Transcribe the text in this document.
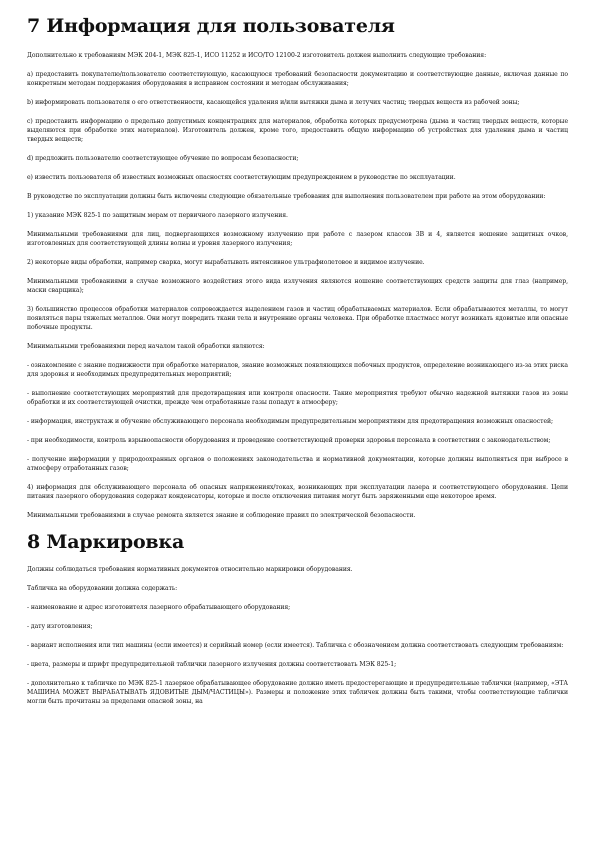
7 Информация для пользователя

Дополнительно к требованиям МЭК 204-1, МЭК 825-1, ИСО 11252 и ИСО/ТО 12100-2 изготовитель должен выполнить следующие требования:

а) предоставить покупателю/пользователю соответствующую, касающуюся требований безопасности документацию и соответствующие данные, включая данные по конкретным методам поддержания оборудования в исправном состоянии и методам обслуживания;

b) информировать пользователя о его ответственности, касающейся удаления и/или вытяжки дыма и летучих частиц; твердых веществ из рабочей зоны;

с) предоставить информацию о предельно допустимых концентрациях для материалов, обработка которых предусмотрена (дыма и частиц твердых веществ, которые выделяются при обработке этих материалов). Изготовитель должен, кроме того, предоставить общую информацию об устройствах для удаления дыма и частиц твердых веществ;

d) предложить пользователю соответствующее обучение по вопросам безопасности;

е) известить пользователя об известных возможных опасностях соответствующим предупреждением в руководстве по эксплуатации.

В руководстве по эксплуатации должны быть включены следующие обязательные требования для выполнения пользователем при работе на этом оборудовании:

1) указание МЭК 825-1 по защитным мерам от первичного лазерного излучения.

Минимальными требованиями для лиц, подвергающихся возможному излучению при работе с лазером классов 3В и 4, является ношение защитных очков, изготовленных для соответствующей длины волны и уровня лазерного излучения;

2) некоторые виды обработки, например сварка, могут вырабатывать интенсивное ультрафиолетовое и видимое излучение.

Минимальными требованиями в случае возможного воздействия этого вида излучения являются ношение соответствующих средств защиты для глаз (например, маски сварщика);

3) большинство процессов обработки материалов сопровождается выделением газов и частиц обрабатываемых материалов. Если обрабатываются металлы, то могут появляться пары тяжелых металлов. Они могут повредить ткани тела и внутренние органы человека. При обработке пластмасс могут возникать ядовитые или опасные побочные продукты.

Минимальными требованиями перед началом такой обработки являются:

- ознакомление с знание подвижности при обработке материалов, знание возможных появляющихся побочных продуктов, определение возникающего из-за этих риска для здоровья и необходимых предупредительных мероприятий;

- выполнение соответствующих мероприятий для предотвращения или контроля опасности. Такие мероприятия требуют обычно надежной вытяжки газов из зоны обработки и их соответствующей очистки, прежде чем отработанные газы попадут в атмосферу;

- информация, инструктаж и обучение обслуживающего персонала необходимым предупредительным мероприятиям для предотвращения возможных опасностей;

- при необходимости, контроль взрывоопасности оборудования и проведение соответствующей проверки здоровья персонала в соответствии с законодательством;

- получение информации у природоохранных органов о положениях законодательства и нормативной документации, которые должны выполняться при выбросе в атмосферу отработанных газов;

4) информация для обслуживающего персонала об опасных напряжениях/токах, возникающих при эксплуатации лазера и соответствующего оборудования. Цепи питания лазерного оборудования содержат конденсаторы, которые и после отключения питания могут быть заряженными еще некоторое время.

Минимальными требованиями в случае ремонта является знание и соблюдение правил по электрической безопасности.

8 Маркировка

Должны соблюдаться требования нормативных документов относительно маркировки оборудования.

Табличка на оборудовании должна содержать:

- наименование и адрес изготовителя лазерного обрабатывающего оборудования;

- дату изготовления;

- вариант исполнения или тип машины (если имеется) и серийный номер (если имеется). Табличка с обозначением должна соответствовать следующим требованиям:

- цвета, размеры и шрифт предупредительной таблички лазерного излучения должны соответствовать МЭК 825-1;

- дополнительно к табличке по МЭК 825-1 лазерное обрабатывающее оборудование должно иметь предостерегающие и предупредительные таблички (например, «ЭТА МАШИНА МОЖЕТ ВЫРАБАТЫВАТЬ ЯДОВИТЫЕ ДЫМ/ЧАСТИЦЫ»). Размеры и положение этих табличек должны быть такими, чтобы соответствующие таблички могли быть прочитаны за пределами опасной зоны, на
